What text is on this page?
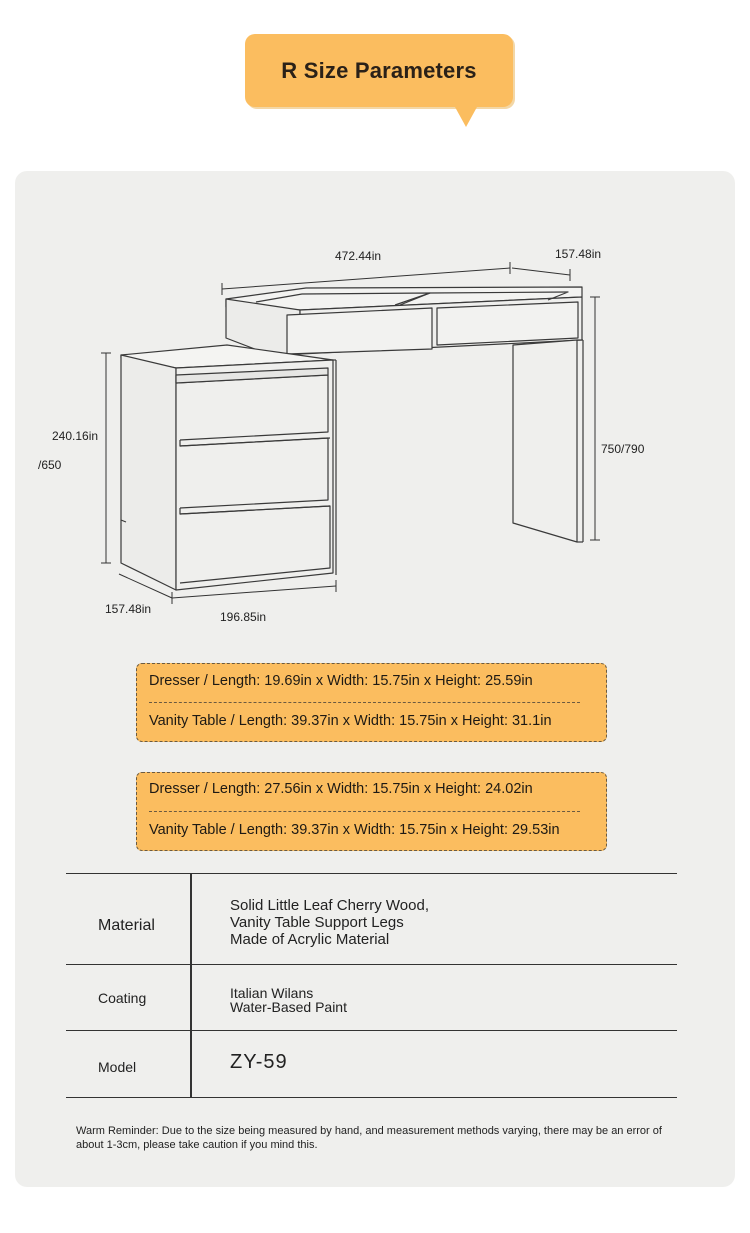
R Size Parameters
472.44in	157.48in
240.16in
/650
750/790
157.48in
196.85in
Dresser / Length: 19.69in x Width: 15.75in x Height: 25.59in
Vanity Table / Length: 39.37in x Width: 15.75in x Height: 31.1in
Dresser / Length: 27.56in x Width: 15.75in x Height: 24.02in
Vanity Table / Length: 39.37in x Width: 15.75in x Height: 29.53in
Material
Solid Little Leaf Cherry Wood,
Vanity Table Support Legs
Made of Acrylic Material
Coating	Italian Wilans
Water-Based Paint
Model	ZY-59
Warm Reminder: Due to the size being measured by hand, and measurement methods varying, there may be an error of about 1-3cm, please take caution if you mind this.
